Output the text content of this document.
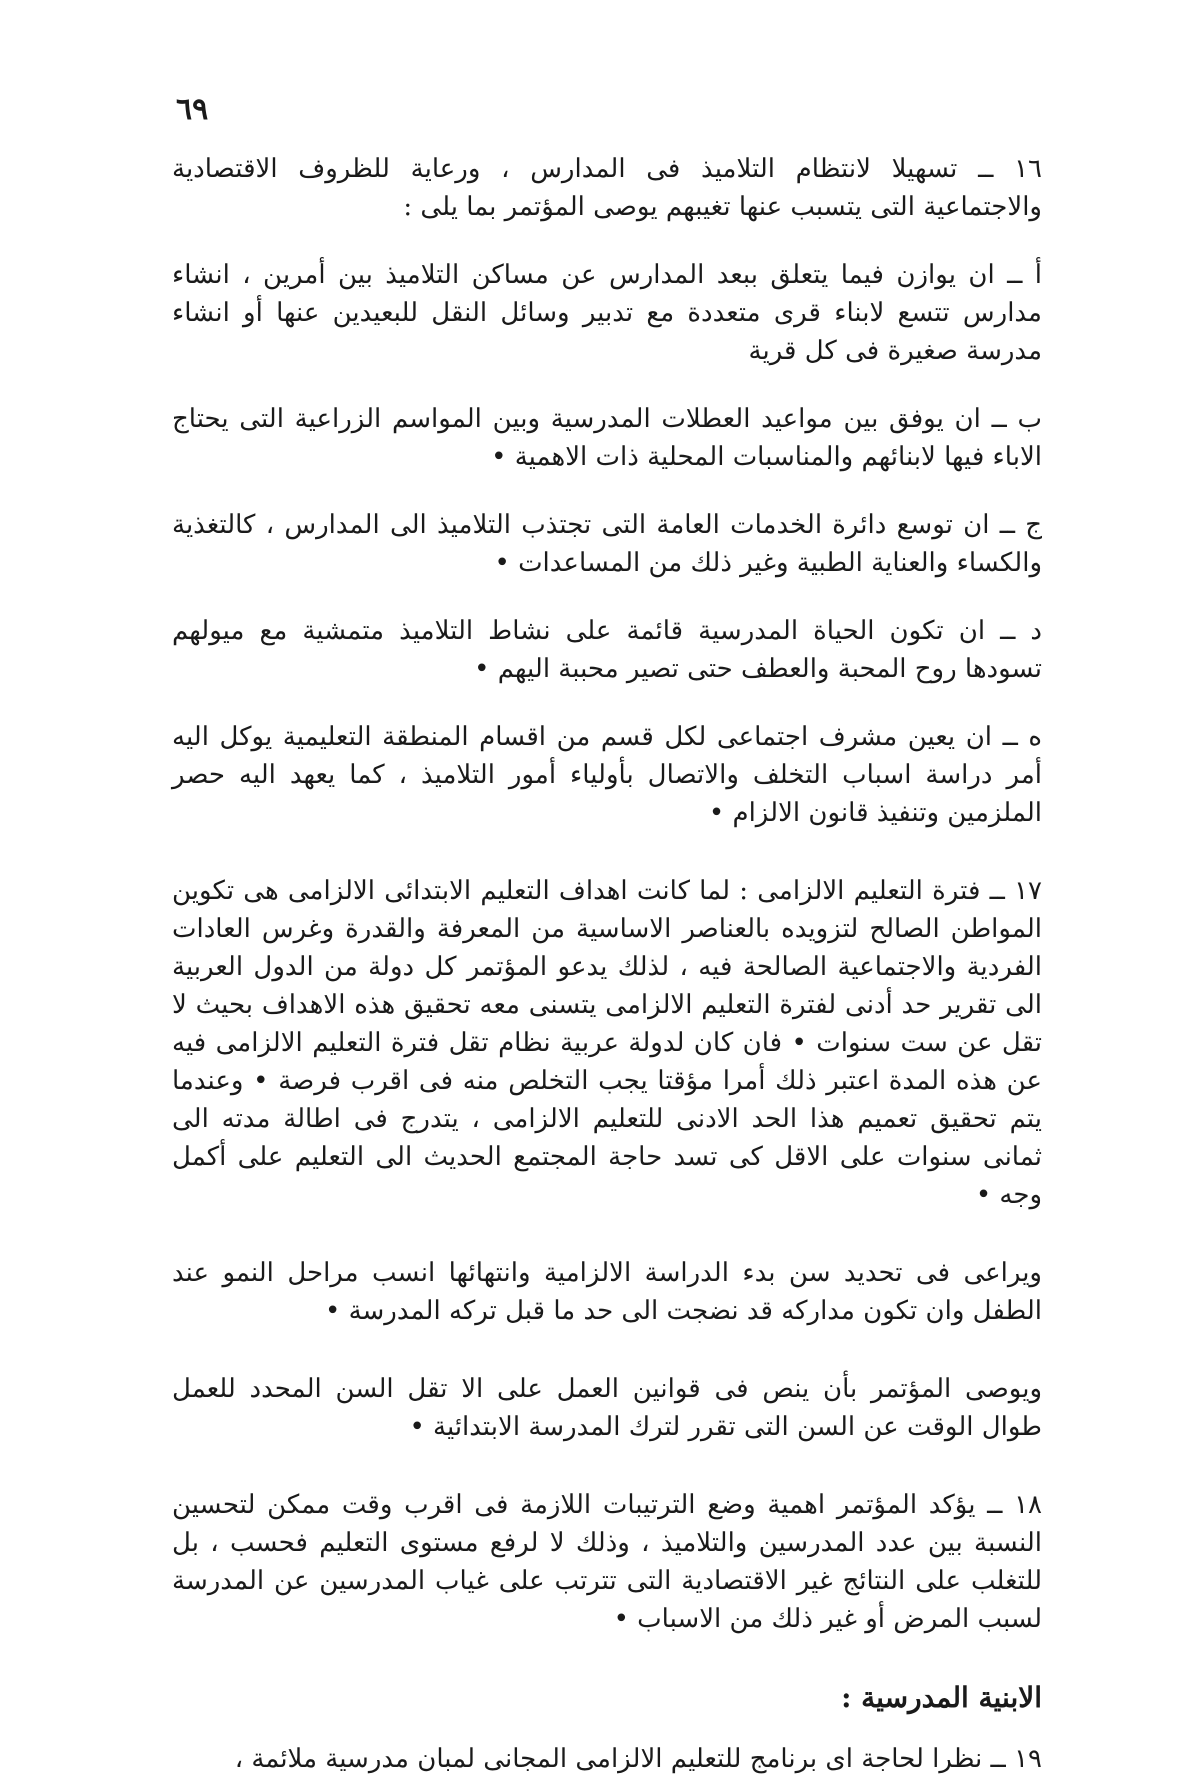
٦٩

١٦ ــ تسهيلا لانتظام التلاميذ فى المدارس ، ورعاية للظروف الاقتصادية والاجتماعية التى يتسبب عنها تغيبهم يوصى المؤتمر بما يلى :

أ ــ ان يوازن فيما يتعلق ببعد المدارس عن مساكن التلاميذ بين أمرين ، انشاء مدارس تتسع لابناء قرى متعددة مع تدبير وسائل النقل للبعيدين عنها أو انشاء مدرسة صغيرة فى كل قرية

ب ــ ان يوفق بين مواعيد العطلات المدرسية وبين المواسم الزراعية التى يحتاج الاباء فيها لابنائهم والمناسبات المحلية ذات الاهمية •

ج ــ ان توسع دائرة الخدمات العامة التى تجتذب التلاميذ الى المدارس ، كالتغذية والكساء والعناية الطبية وغير ذلك من المساعدات •

د ــ ان تكون الحياة المدرسية قائمة على نشاط التلاميذ متمشية مع ميولهم تسودها روح المحبة والعطف حتى تصير محببة اليهم •

ه ــ ان يعين مشرف اجتماعى لكل قسم من اقسام المنطقة التعليمية يوكل اليه أمر دراسة اسباب التخلف والاتصال بأولياء أمور التلاميذ ، كما يعهد اليه حصر الملزمين وتنفيذ قانون الالزام •

١٧ ــ فترة التعليم الالزامى : لما كانت اهداف التعليم الابتدائى الالزامى هى تكوين المواطن الصالح لتزويده بالعناصر الاساسية من المعرفة والقدرة وغرس العادات الفردية والاجتماعية الصالحة فيه ، لذلك يدعو المؤتمر كل دولة من الدول العربية الى تقرير حد أدنى لفترة التعليم الالزامى يتسنى معه تحقيق هذه الاهداف بحيث لا تقل عن ست سنوات • فان كان لدولة عربية نظام تقل فترة التعليم الالزامى فيه عن هذه المدة اعتبر ذلك أمرا مؤقتا يجب التخلص منه فى اقرب فرصة • وعندما يتم تحقيق تعميم هذا الحد الادنى للتعليم الالزامى ، يتدرج فى اطالة مدته الى ثمانى سنوات على الاقل كى تسد حاجة المجتمع الحديث الى التعليم على أكمل وجه •

ويراعى فى تحديد سن بدء الدراسة الالزامية وانتهائها انسب مراحل النمو عند الطفل وان تكون مداركه قد نضجت الى حد ما قبل تركه المدرسة •

ويوصى المؤتمر بأن ينص فى قوانين العمل على الا تقل السن المحدد للعمل طوال الوقت عن السن التى تقرر لترك المدرسة الابتدائية •

١٨ ــ يؤكد المؤتمر اهمية وضع الترتيبات اللازمة فى اقرب وقت ممكن لتحسين النسبة بين عدد المدرسين والتلاميذ ، وذلك لا لرفع مستوى التعليم فحسب ، بل للتغلب على النتائج غير الاقتصادية التى تترتب على غياب المدرسين عن المدرسة لسبب المرض أو غير ذلك من الاسباب •

الابنية المدرسية :

١٩ ــ نظرا لحاجة اى برنامج للتعليم الالزامى المجانى لمبان مدرسية ملائمة ،
